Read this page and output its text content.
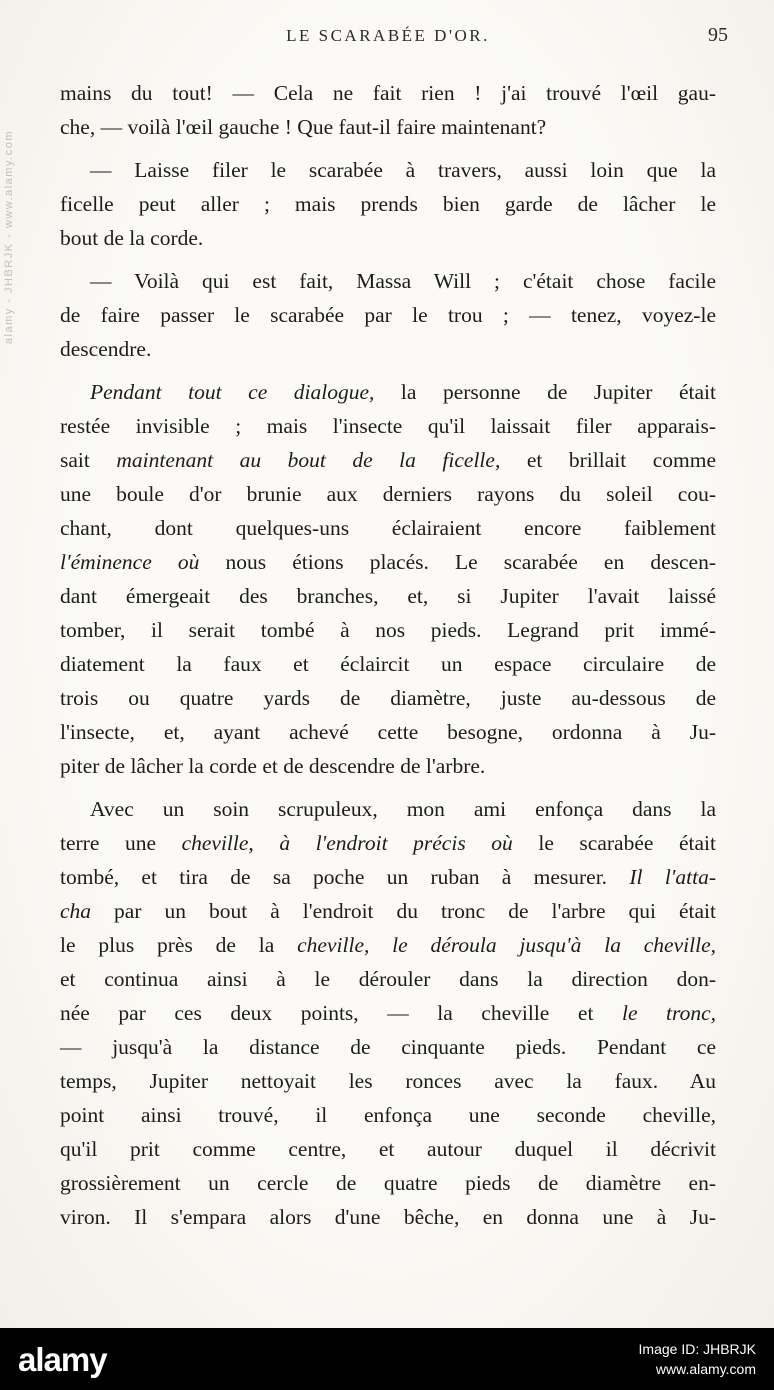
alamy - JHBRJK - www.alamy.com
LE SCARABÉE D'OR.	95
mains du tout! — Cela ne fait rien ! j'ai trouvé l'œil gau-
che, — voilà l'œil gauche ! Que faut-il faire maintenant?
— Laisse filer le scarabée à travers, aussi loin que la
ficelle peut aller ; mais prends bien garde de lâcher le
bout de la corde.
— Voilà qui est fait, Massa Will ; c'était chose facile
de faire passer le scarabée par le trou ; — tenez, voyez-le
descendre.
Pendant tout ce dialogue, la personne de Jupiter était
restée invisible ; mais l'insecte qu'il laissait filer apparais-
sait maintenant au bout de la ficelle, et brillait comme
une boule d'or brunie aux derniers rayons du soleil cou-
chant, dont quelques-uns éclairaient encore faiblement
l'éminence où nous étions placés. Le scarabée en descen-
dant émergeait des branches, et, si Jupiter l'avait laissé
tomber, il serait tombé à nos pieds. Legrand prit immé-
diatement la faux et éclaircit un espace circulaire de
trois ou quatre yards de diamètre, juste au-dessous de
l'insecte, et, ayant achevé cette besogne, ordonna à Ju-
piter de lâcher la corde et de descendre de l'arbre.
Avec un soin scrupuleux, mon ami enfonça dans la
terre une cheville, à l'endroit précis où le scarabée était
tombé, et tira de sa poche un ruban à mesurer. Il l'atta-
cha par un bout à l'endroit du tronc de l'arbre qui était
le plus près de la cheville, le déroula jusqu'à la cheville,
et continua ainsi à le dérouler dans la direction don-
née par ces deux points, — la cheville et le tronc,
— jusqu'à la distance de cinquante pieds. Pendant ce
temps, Jupiter nettoyait les ronces avec la faux. Au
point ainsi trouvé, il enfonça une seconde cheville,
qu'il prit comme centre, et autour duquel il décrivit
grossièrement un cercle de quatre pieds de diamètre en-
viron. Il s'empara alors d'une bêche, en donna une à Ju-
alamy	Image ID: JHBRJK
www.alamy.com
